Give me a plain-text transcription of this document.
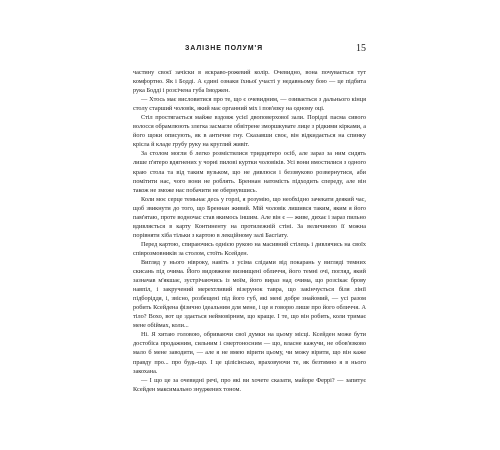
ЗАЛІЗНЕ ПОЛУМ'Я	15

частину своєї зачіски в яскраво-рожевий колір. Очевидно, вона почувається тут комфортно. Як і Бодді. А єдині ознаки їхньої участі у недавньому бою — це підбита рука Бодді і розсічена губа Імоджен.

— Хтось має висловитися про те, що є очевидним, — озивається з дальнього кінця столу старший чоловік, який має органний міх і пов'язку на одному оці.

Стіл простягається майже вздовж усієї двоповерхової зали. Порідлі пасма сивого волосся обрамлюють злегка засмагле обвітрене зморшкувате лице з рідкими кірками, а його щоки описують, як в античне гну. Сказавши своє, він відкидається на спинку крісла й кладе грубу руку на круглий живіт.

За столом могли б легко розмістилися тридцятеро осіб, але зараз за ним сидять лише п'ятеро вдягнених у чорні пилові куртки чоловіків. Усі вони вмостилися з одного краю стола та від таким вузьком, що не дивлюся і беззвуково розвернутися, аби помітити нас, чого вони не роблять. Бреннан натомість підходить спереду, але він також не зможе нас побачити не обернувшись.

Коли моє серце темьнає десь у горлі, я розумію, що необхідно зачекати деякий час, щоб звикнути до того, що Бреннан живий. Мій чоловік лишився таким, яким я його пам'ятаю, проте водночас став якимось іншим. Але він є — живе, дихає і зараз пильно вдивляється в карту Континенту на протилежній стіні. За величиною її можна порівняти хіба тільки з картою в лекційному залі Басгіату.

Перед картою, спираючись однією рукою на масивний стілець і дивлячись на своїх співрозмовників за столом, стоїть Ксейден.

Вигляд у нього нівроку, навіть з усіма слідами від покарань у вигляді темних скисань під очима. Його видовжене визнищені обличчя, його темні очі, погляд, який зазначав м'якшає, зустрічаючись із моїм, його вираз над очима, що розсікає брову навпіл, і закручений мерехтливий візерунок тавра, що закінчується біля лінії підборіддя, і, звісно, розбещені під його губ, які мені добре знайомий, — усі разом робить Ксейдена фізично ідеальним для мене, і це я говорю лише про його обличчя. А тіло? Вохо, вот це здається неймовірним, що краще. І те, що він робить, коли тримає мене обіймах, коли...

Ні. Я хитаю головою, обриваючи свої думки на цьому місці. Ксейден може бути достобіса продажним, сильним і смертоносним — що, власне кажучи, не обов'язково мало б мене заводити, — але я не вмею вірити цьому, чи можу вірити, що він каже правду про... про будь-що. І це цілісінсько, враховуючи те, як безтямно я в нього закохана.

— І що це за очевидні речі, про які ви хочете сказати, майоре Феррі? — запитує Ксейден максимально знуджених тоном.
